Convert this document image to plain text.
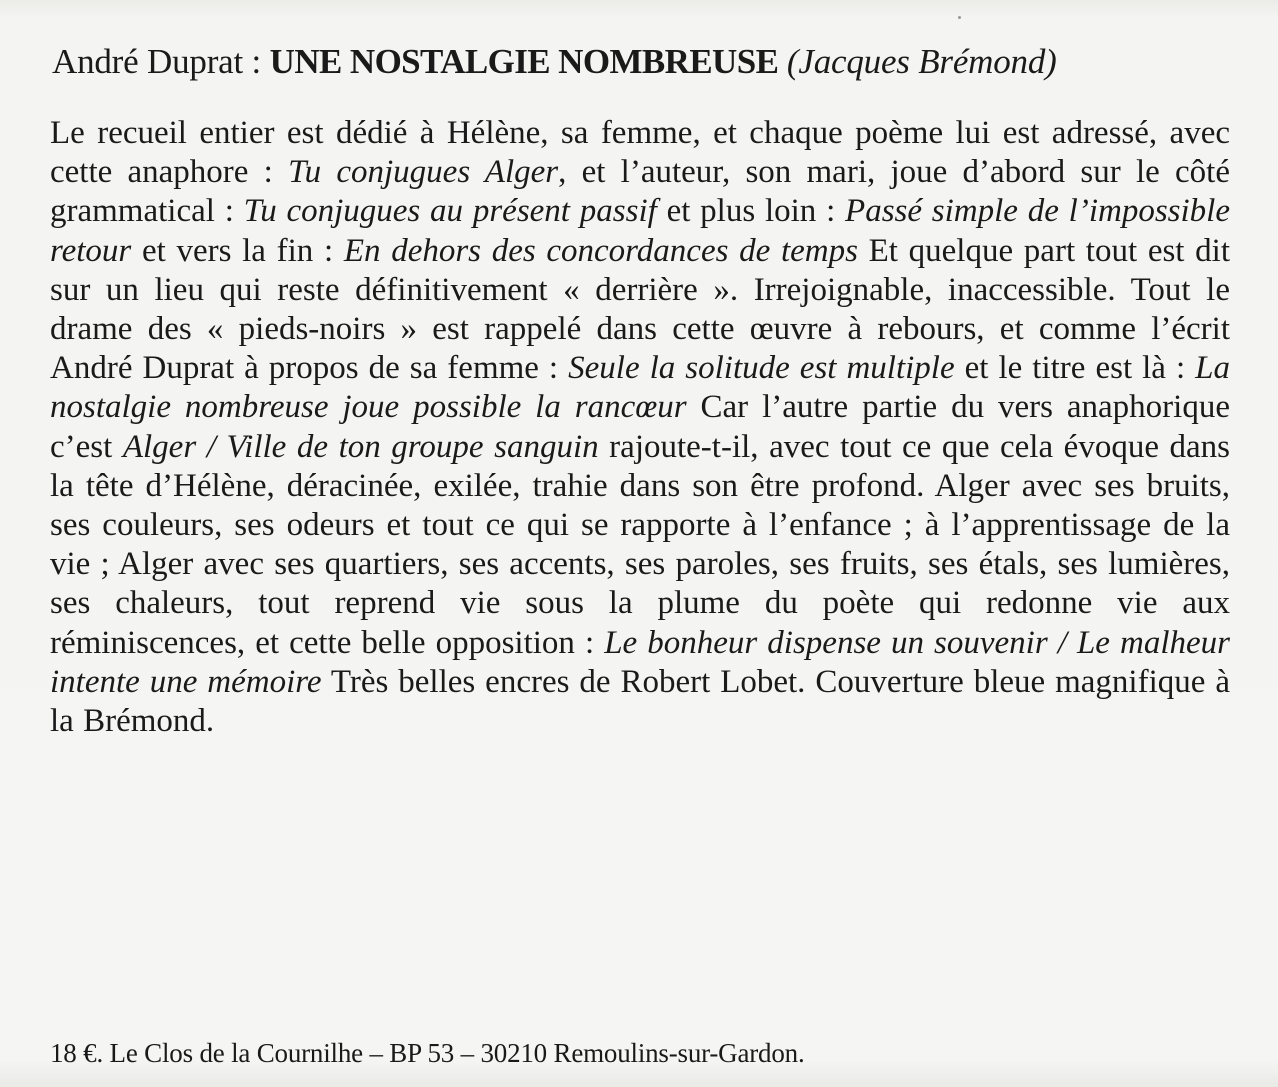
André Duprat : UNE NOSTALGIE NOMBREUSE (Jacques Brémond)
Le recueil entier est dédié à Hélène, sa femme, et chaque poème lui est adressé, avec cette anaphore : Tu conjugues Alger, et l’auteur, son mari, joue d’abord sur le côté grammatical : Tu conjugues au présent passif et plus loin : Passé simple de l’impossible retour et vers la fin : En dehors des concordances de temps Et quelque part tout est dit sur un lieu qui reste définitivement « derrière ». Irrejoignable, inaccessible. Tout le drame des « pieds-noirs » est rappelé dans cette œuvre à rebours, et comme l’écrit André Duprat à propos de sa femme : Seule la solitude est multiple et le titre est là : La nostalgie nombreuse joue possible la rancœur Car l’autre partie du vers anaphorique c’est Alger / Ville de ton groupe sanguin rajoute-t-il, avec tout ce que cela évoque dans la tête d’Hélène, déracinée, exilée, trahie dans son être profond. Alger avec ses bruits, ses couleurs, ses odeurs et tout ce qui se rapporte à l’enfance ; à l’apprentissage de la vie ; Alger avec ses quartiers, ses accents, ses paroles, ses fruits, ses étals, ses lumières, ses chaleurs, tout reprend vie sous la plume du poète qui redonne vie aux réminiscences, et cette belle opposition : Le bonheur dispense un souvenir / Le malheur intente une mémoire Très belles encres de Robert Lobet. Couverture bleue magnifique à la Brémond.
18 €. Le Clos de la Cournilhe – BP 53 – 30210 Remoulins-sur-Gardon.
